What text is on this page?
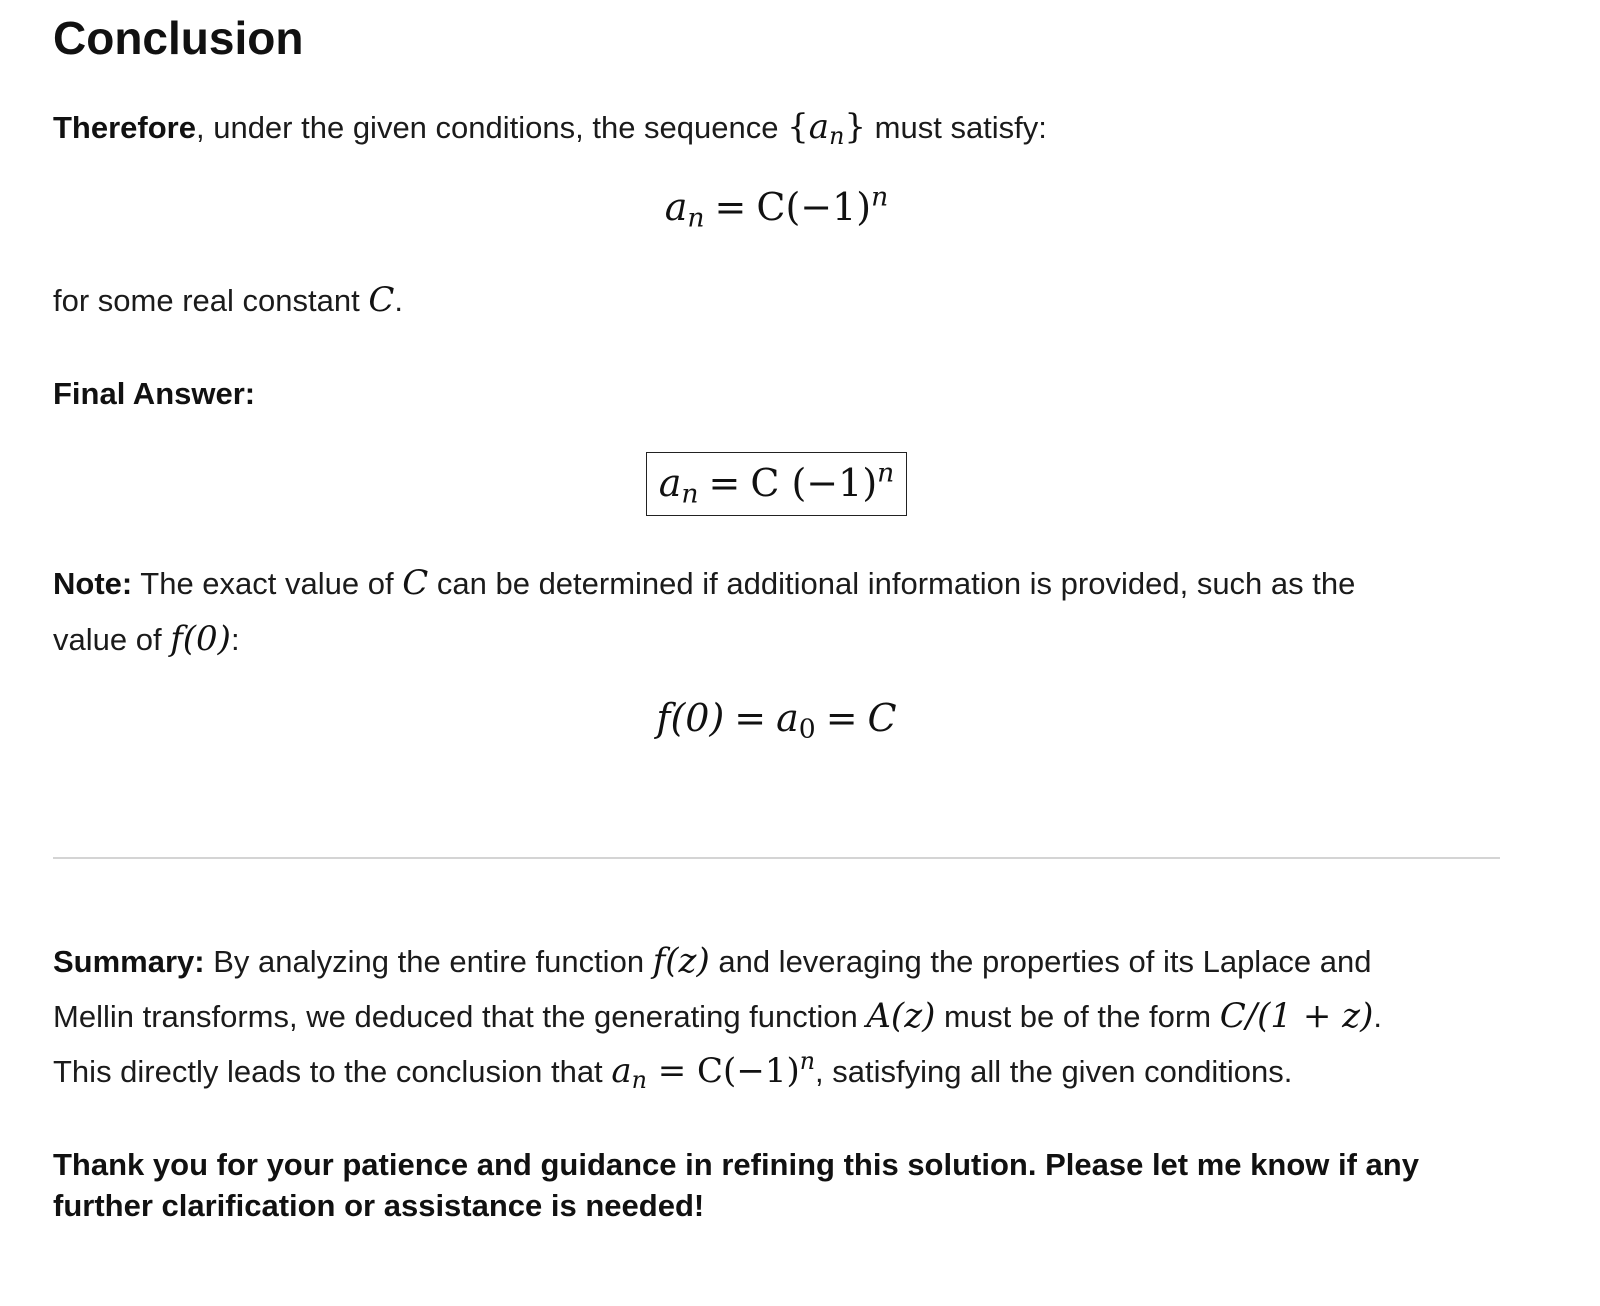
Conclusion
Therefore, under the given conditions, the sequence $\{a_n\}$ must satisfy:
$a_n = C(-1)^n$
for some real constant C.
Final Answer:
$a_n = C$ $(-1)^n$
Note: The exact value of C can be determined if additional information is provided, such as the
value of f(0):
$f(0) = a_0 = C$
Summary: By analyzing the entire function f(z) and leveraging the properties of its Laplace and
Mellin transforms, we deduced that the generating function A(z) must be of the form C/(1 + z).
This directly leads to the conclusion that $a_n = C(-1)^n$, satisfying all the given conditions.
Thank you for your patience and guidance in refining this solution. Please let me know if any
further clarification or assistance is needed!
